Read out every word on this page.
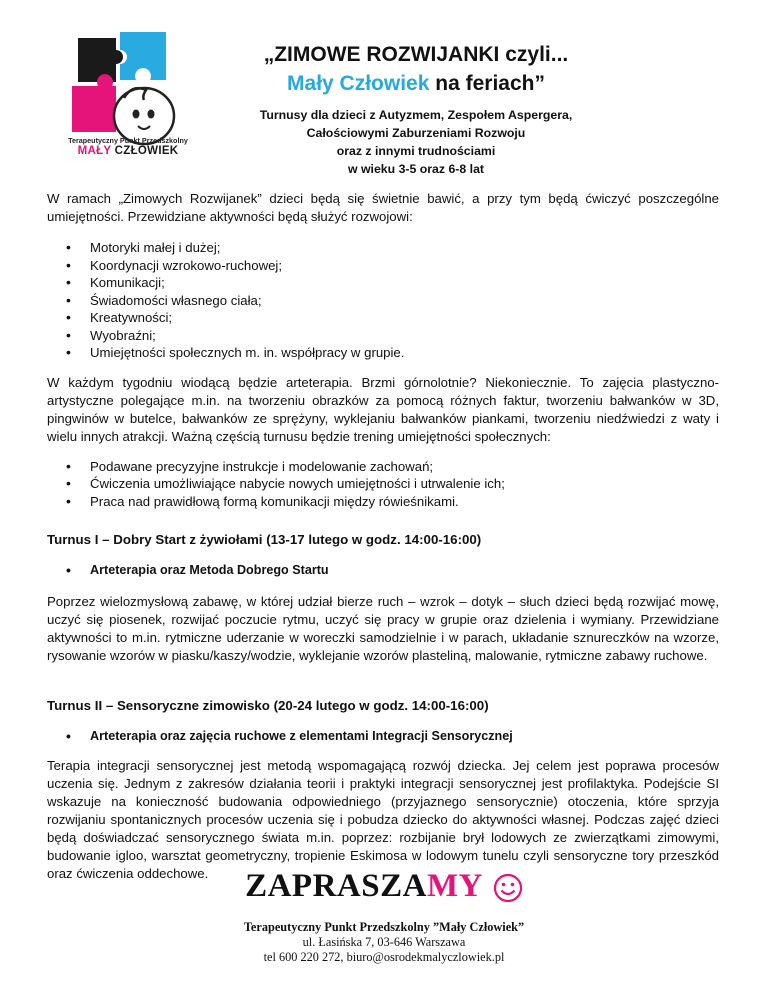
Terapeutyczny Punkt Przedszkolny
MAŁY CZŁOWIEK
„ZIMOWE ROZWIJANKI czyli...
Mały Człowiek na feriach”
Turnusy dla dzieci z Autyzmem, Zespołem Aspergera,
Całościowymi Zaburzeniami Rozwoju
oraz z innymi trudnościami
w wieku 3-5 oraz 6-8 lat

W ramach „Zimowych Rozwijanek” dzieci będą się świetnie bawić, a przy tym będą ćwiczyć poszczególne umiejętności. Przewidziane aktywności będą służyć rozwojowi:

• Motoryki małej i dużej;
• Koordynacji wzrokowo-ruchowej;
• Komunikacji;
• Świadomości własnego ciała;
• Kreatywności;
• Wyobraźni;
• Umiejętności społecznych m. in. współpracy w grupie.

W każdym tygodniu wiodącą będzie arteterapia. Brzmi górnolotnie? Niekoniecznie. To zajęcia plastyczno-artystyczne polegające m.in. na tworzeniu obrazków za pomocą różnych faktur, tworzeniu bałwanków w 3D, pingwinów w butelce, bałwanków ze sprężyny, wyklejaniu bałwanków piankami, tworzeniu niedźwiedzi z waty i wielu innych atrakcji. Ważną częścią turnusu będzie trening umiejętności społecznych:

• Podawane precyzyjne instrukcje i modelowanie zachowań;
• Ćwiczenia umożliwiające nabycie nowych umiejętności i utrwalenie ich;
• Praca nad prawidłową formą komunikacji między rówieśnikami.
Turnus I – Dobry Start z żywiołami (13-17 lutego w godz. 14:00-16:00)
• Arteterapia oraz Metoda Dobrego Startu

Poprzez wielozmysłową zabawę, w której udział bierze ruch – wzrok – dotyk – słuch dzieci będą rozwijać mowę, uczyć się piosenek, rozwijać poczucie rytmu, uczyć się pracy w grupie oraz dzielenia i wymiany. Przewidziane aktywności to m.in. rytmiczne uderzanie w woreczki samodzielnie i w parach, układanie sznureczków na wzorze, rysowanie wzorów w piasku/kaszy/wodzie, wyklejanie wzorów plasteliną, malowanie, rytmiczne zabawy ruchowe.

Turnus II – Sensoryczne zimowisko (20-24 lutego w godz. 14:00-16:00)
• Arteterapia oraz zajęcia ruchowe z elementami Integracji Sensorycznej

Terapia integracji sensorycznej jest metodą wspomagającą rozwój dziecka. Jej celem jest poprawa procesów uczenia się. Jednym z zakresów działania teorii i praktyki integracji sensorycznej jest profilaktyka. Podejście SI wskazuje na konieczność budowania odpowiedniego (przyjaznego sensorycznie) otoczenia, które sprzyja rozwijaniu spontanicznych procesów uczenia się i pobudza dziecko do aktywności własnej. Podczas zajęć dzieci będą doświadczać sensorycznego świata m.in. poprzez: rozbijanie brył lodowych ze zwierzątkami zimowymi, budowanie igloo, warsztat geometryczny, tropienie Eskimosa w lodowym tunelu czyli sensoryczne tory przeszkód oraz ćwiczenia oddechowe.	ZAPRASZAMY
Terapeutyczny Punkt Przedszkolny ”Mały Człowiek”
ul. Łasińska 7, 03-646 Warszawa
tel 600 220 272, biuro@osrodekmalyczlowiek.pl
